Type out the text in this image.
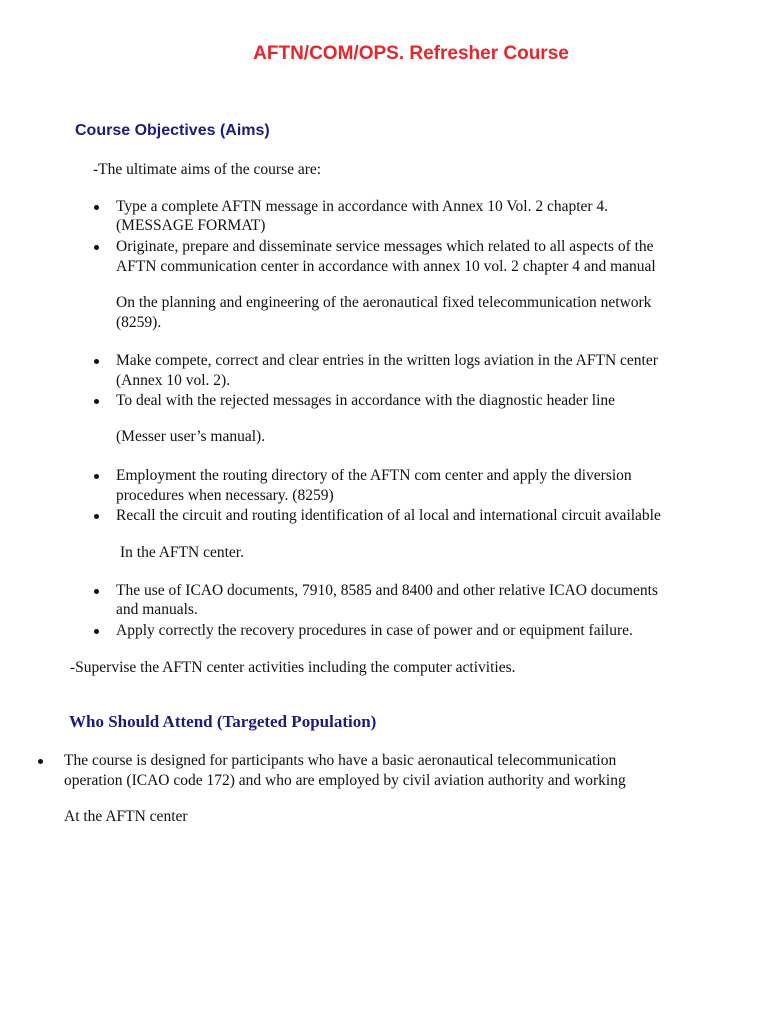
AFTN/COM/OPS. Refresher Course
Course Objectives (Aims)
-The ultimate aims of the course are:
Type a complete AFTN message in accordance with Annex 10 Vol. 2 chapter 4.
(MESSAGE FORMAT)
Originate, prepare and disseminate service messages which related to all aspects of the
AFTN communication center in accordance with annex 10 vol. 2 chapter 4 and manual
On the planning and engineering of the aeronautical fixed telecommunication network
(8259).
Make compete, correct and clear entries in the written logs aviation in the AFTN center
(Annex 10 vol. 2).
To deal with the rejected messages in accordance with the diagnostic header line
(Messer user’s manual).
Employment the routing directory of the AFTN com center and apply the diversion
procedures when necessary. (8259)
Recall the circuit and routing identification of al local and international circuit available
In the AFTN center.
The use of ICAO documents, 7910, 8585 and 8400 and other relative ICAO documents
and manuals.
Apply correctly the recovery procedures in case of power and or equipment failure.
-Supervise the AFTN center activities including the computer activities.
Who Should Attend (Targeted Population)
The course is designed for participants who have a basic aeronautical telecommunication
operation (ICAO code 172) and who are employed by civil aviation authority and working
At the AFTN center
